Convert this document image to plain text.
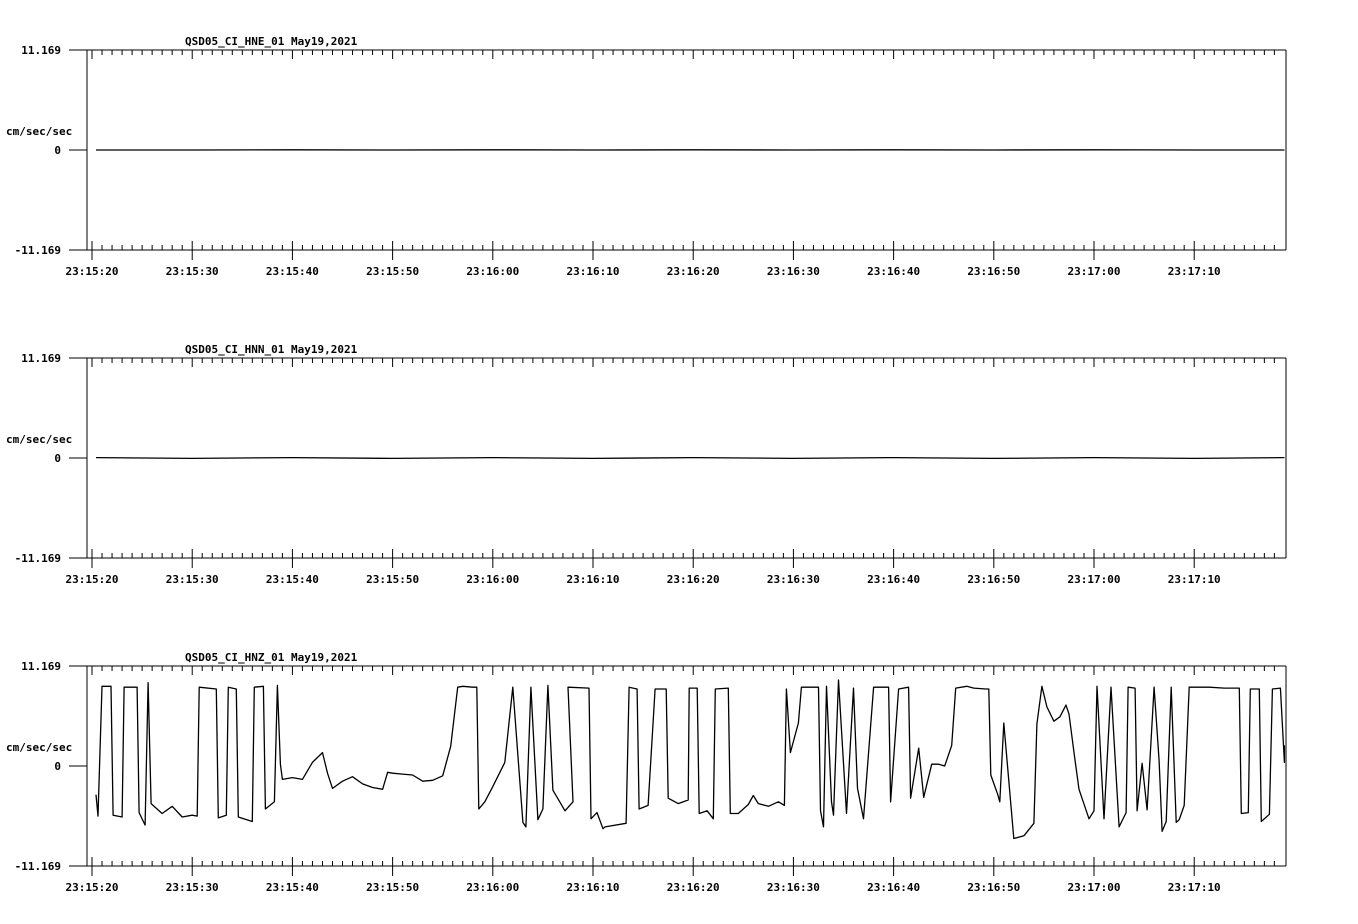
QSD05_CI_HNE_01 May19,2021
11.169
0
-11.169
cm/sec/sec
23:15:20	23:15:30	23:15:40	23:15:50	23:16:00	23:16:10	23:16:20	23:16:30	23:16:40	23:16:50	23:17:00	23:17:10
QSD05_CI_HNN_01 May19,2021
11.169
0
-11.169
cm/sec/sec
23:15:20	23:15:30	23:15:40	23:15:50	23:16:00	23:16:10	23:16:20	23:16:30	23:16:40	23:16:50	23:17:00	23:17:10
QSD05_CI_HNZ_01 May19,2021
11.169
0
-11.169
cm/sec/sec
23:15:20	23:15:30	23:15:40	23:15:50	23:16:00	23:16:10	23:16:20	23:16:30	23:16:40	23:16:50	23:17:00	23:17:10
